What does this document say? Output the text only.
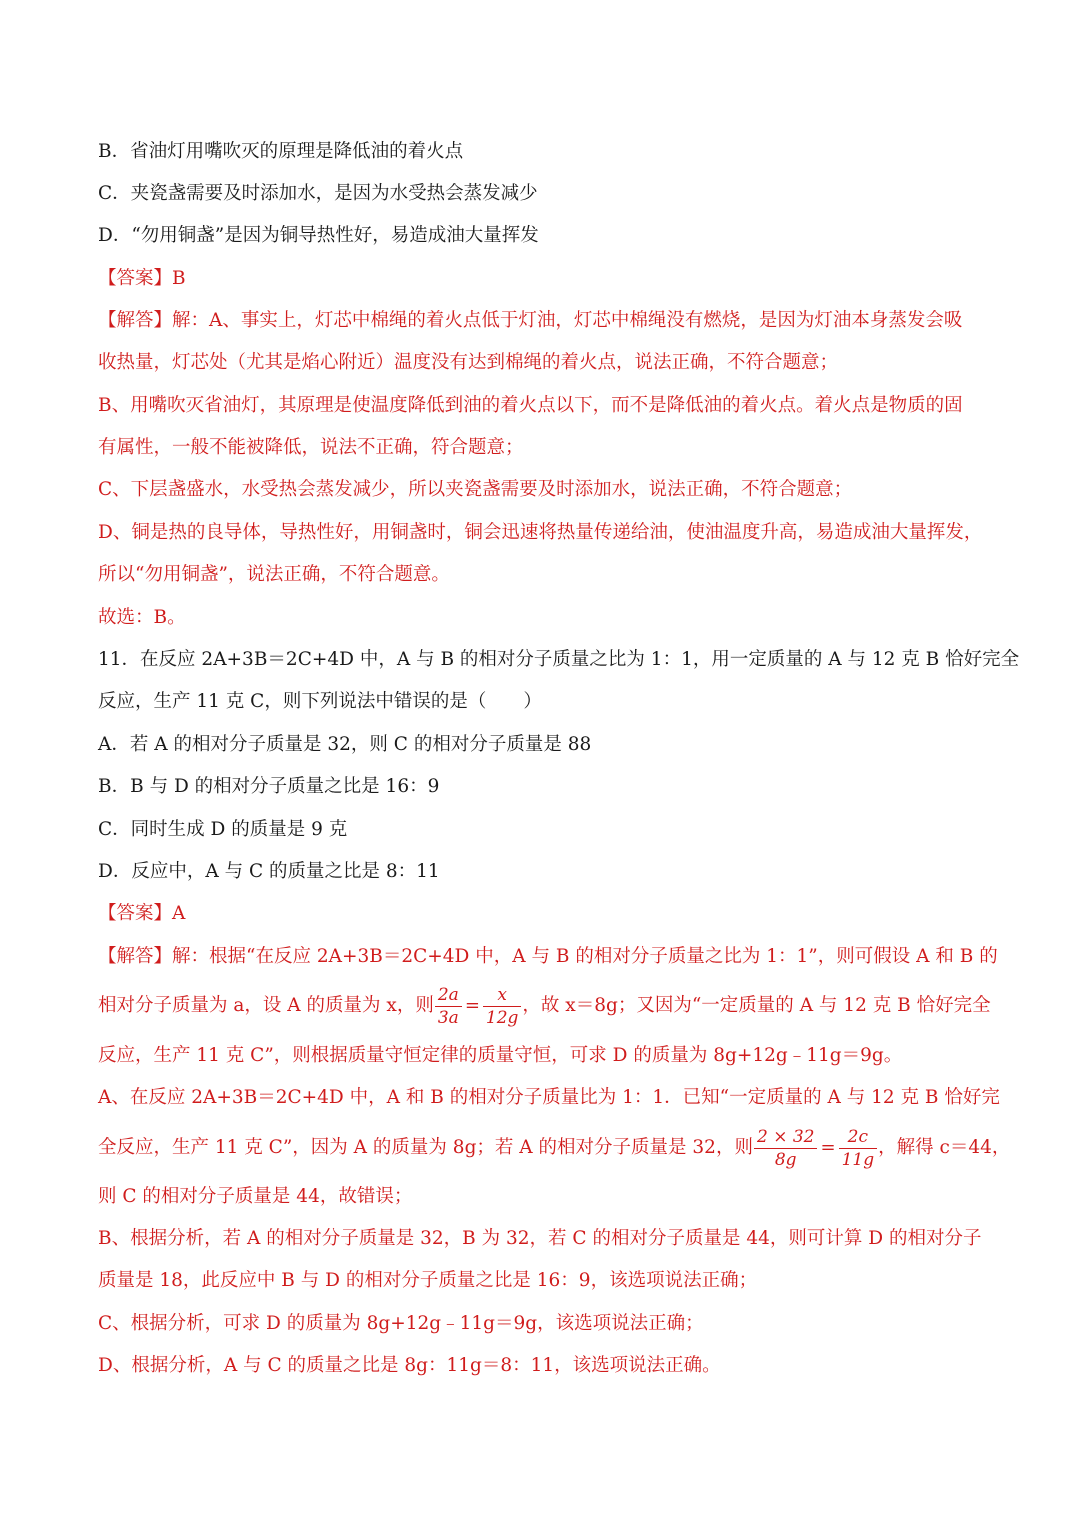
B．省油灯用嘴吹灭的原理是降低油的着火点
C．夹瓷盏需要及时添加水，是因为水受热会蒸发减少
D．“勿用铜盏”是因为铜导热性好，易造成油大量挥发
【答案】B
【解答】解：A、事实上，灯芯中棉绳的着火点低于灯油，灯芯中棉绳没有燃烧，是因为灯油本身蒸发会吸
收热量，灯芯处（尤其是焰心附近）温度没有达到棉绳的着火点，说法正确，不符合题意；
B、用嘴吹灭省油灯，其原理是使温度降低到油的着火点以下，而不是降低油的着火点。着火点是物质的固
有属性，一般不能被降低，说法不正确，符合题意；
C、下层盏盛水，水受热会蒸发减少，所以夹瓷盏需要及时添加水，说法正确，不符合题意；
D、铜是热的良导体，导热性好，用铜盏时，铜会迅速将热量传递给油，使油温度升高，易造成油大量挥发，
所以“勿用铜盏”，说法正确，不符合题意。
故选：B。
11．在反应 2A+3B＝2C+4D 中，A 与 B 的相对分子质量之比为 1：1，用一定质量的 A 与 12 克 B 恰好完全
反应，生产 11 克 C，则下列说法中错误的是（　　）
A．若 A 的相对分子质量是 32，则 C 的相对分子质量是 88
B．B 与 D 的相对分子质量之比是 16：9
C．同时生成 D 的质量是 9 克
D．反应中，A 与 C 的质量之比是 8：11
【答案】A
【解答】解：根据“在反应 2A+3B＝2C+4D 中，A 与 B 的相对分子质量之比为 1：1”，则可假设 A 和 B 的
相对分子质量为 a，设 A 的质量为 x，则 $\frac{2a}{3a} = \frac{x}{12g}$ ，故 x＝8g；又因为“一定质量的 A 与 12 克 B 恰好完全
反应，生产 11 克 C”，则根据质量守恒定律的质量守恒，可求 D 的质量为 8g+12g﹣11g＝9g。
A、在反应 2A+3B＝2C+4D 中，A 和 B 的相对分子质量比为 1：1．已知“一定质量的 A 与 12 克 B 恰好完
全反应，生产 11 克 C”，因为 A 的质量为 8g；若 A 的相对分子质量是 32，则 $\frac{2 \times 32}{8g} = \frac{2c}{11g}$ ，解得 c＝44，
则 C 的相对分子质量是 44，故错误；
B、根据分析，若 A 的相对分子质量是 32，B 为 32，若 C 的相对分子质量是 44，则可计算 D 的相对分子
质量是 18，此反应中 B 与 D 的相对分子质量之比是 16：9，该选项说法正确；
C、根据分析，可求 D 的质量为 8g+12g﹣11g＝9g，该选项说法正确；
D、根据分析，A 与 C 的质量之比是 8g：11g＝8：11，该选项说法正确。
